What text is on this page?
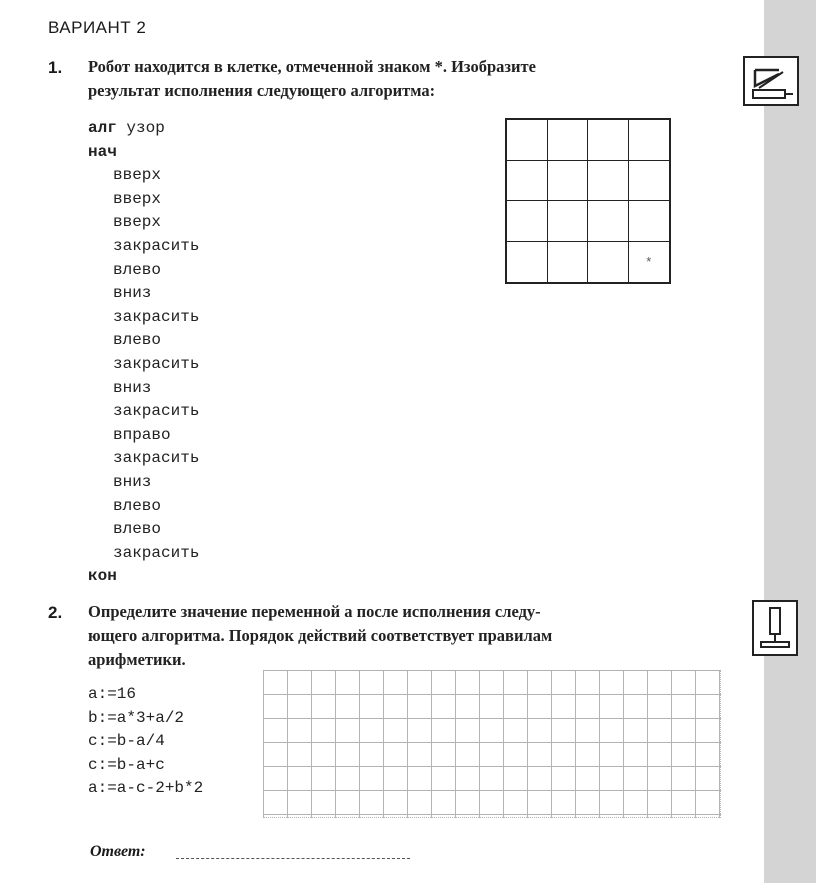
ВАРИАНТ 2
1. Робот находится в клетке, отмеченной знаком *. Изобразите
результат исполнения следующего алгоритма:
алг узор
нач
вверх
вверх
вверх
закрасить
влево
вниз
закрасить
влево
закрасить
вниз
закрасить
вправо
закрасить
вниз
влево
влево
закрасить
кон
*
2. Определите значение переменной а после исполнения следу-
ющего алгоритма. Порядок действий соответствует правилам
арифметики.
a:=16
b:=a*3+a/2
c:=b-a/4
c:=b-a+c
a:=a-c-2+b*2
Ответ:
